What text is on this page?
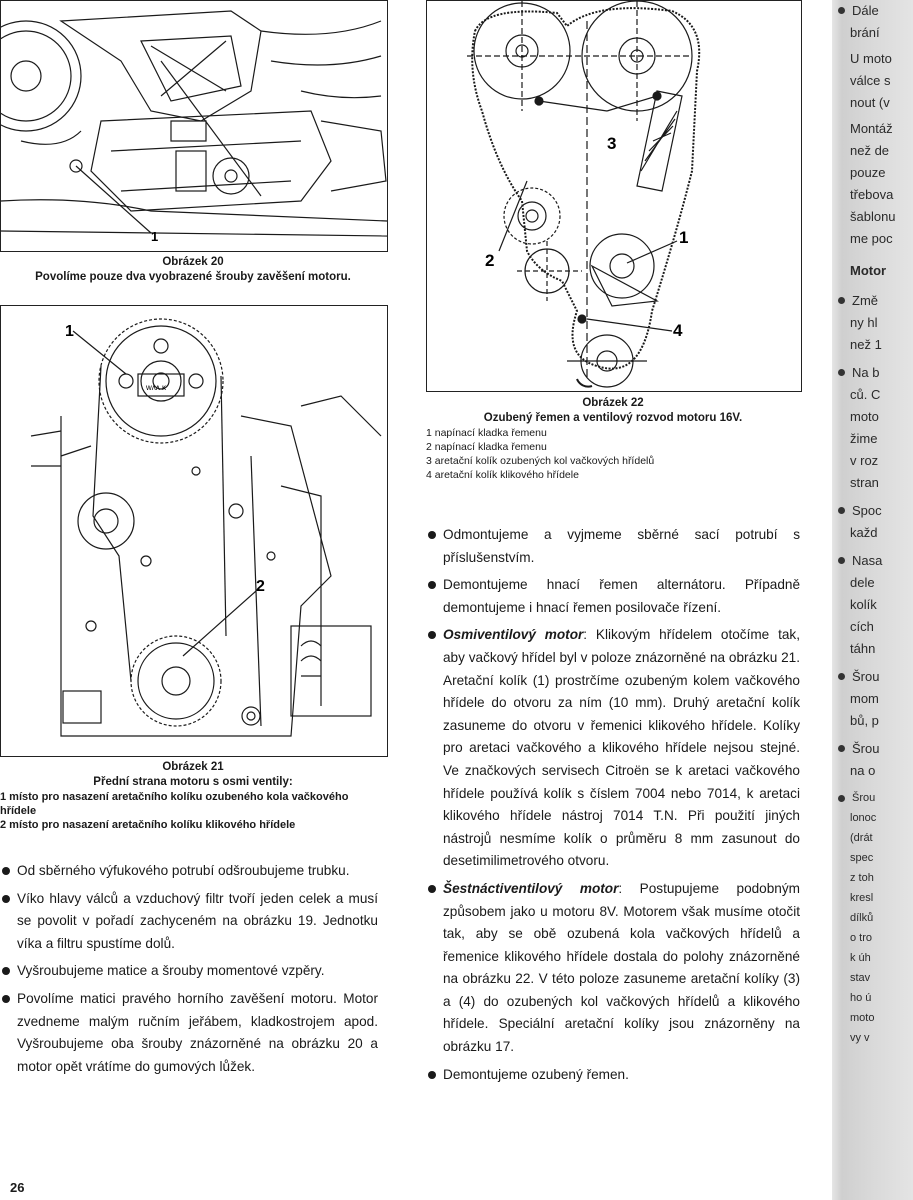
1
Obrázek 20
Povolíme pouze dva vyobrazené šrouby zavěšení motoru.
ᴡᴧᴧ ᴋ
1
2
Obrázek 21
Přední strana motoru s osmi ventily:
1 místo pro nasazení aretačního kolíku ozubeného kola vačkového hřídele
2 místo pro nasazení aretačního kolíku klikového hřídele
Od sběrného výfukového potrubí odšroubujeme trubku.
Víko hlavy válců a vzduchový filtr tvoří jeden celek a musí se povolit v pořadí zachyceném na obrázku 19. Jednotku víka a filtru spustíme dolů.
Vyšroubujeme matice a šrouby momentové vzpěry.
Povolíme matici pravého horního zavěšení motoru. Motor zvedneme malým ručním jeřábem, kladkostrojem apod. Vyšroubujeme oba šrouby znázorněné na obrázku 20 a motor opět vrátíme do gumových lůžek.
3
2
1
4
Obrázek 22
Ozubený řemen a ventilový rozvod motoru 16V.
1 napínací kladka řemenu
2 napínací kladka řemenu
3 aretační kolík ozubených kol vačkových hřídelů
4 aretační kolík klikového hřídele
Odmontujeme a vyjmeme sběrné sací potrubí s příslušenstvím.
Demontujeme hnací řemen alternátoru. Případně demontujeme i hnací řemen posilovače řízení.
Osmiventilový motor: Klikovým hřídelem otočíme tak, aby vačkový hřídel byl v poloze znázorněné na obrázku 21. Aretační kolík (1) prostrčíme ozubeným kolem vačkového hřídele do otvoru za ním (10 mm). Druhý aretační kolík zasuneme do otvoru v řemenici klikového hřídele. Kolíky pro aretaci vačkového a klikového hřídele nejsou stejné. Ve značkových servisech Citroën se k aretaci vačkového hřídele používá kolík s číslem 7004 nebo 7014, k aretaci klikového hřídele nástroj 7014 T.N. Při použití jiných nástrojů nesmíme kolík o průměru 8 mm zasunout do desetimilimetrového otvoru.
Šestnáctiventilový motor: Postupujeme podobným způsobem jako u motoru 8V. Motorem však musíme otočit tak, aby se obě ozubená kola vačkových hřídelů a řemenice klikového hřídele dostala do polohy znázorněné na obrázku 22. V této poloze zasuneme aretační kolíky (3) a (4) do ozubených kol vačkových hřídelů a klikového hřídele. Speciální aretační kolíky jsou znázorněny na obrázku 17.
Demontujeme ozubený řemen.
Dále
brání
U moto
válce s
nout (v
Montáž
než de
pouze
třebova
šablonu
me poc
Motor
Změ
ny hl
než 1
Na b
ců. C
moto
žime
v roz
stran
Spoc
každ
Nasa
dele
kolík
cích
táhn
Šrou
mom
bů, p
Šrou
na o
Šrou
lonoc
(drát
spec
z toh
kresl
dílků
o tro
k úh
stav
ho ú
moto
vy v
26
